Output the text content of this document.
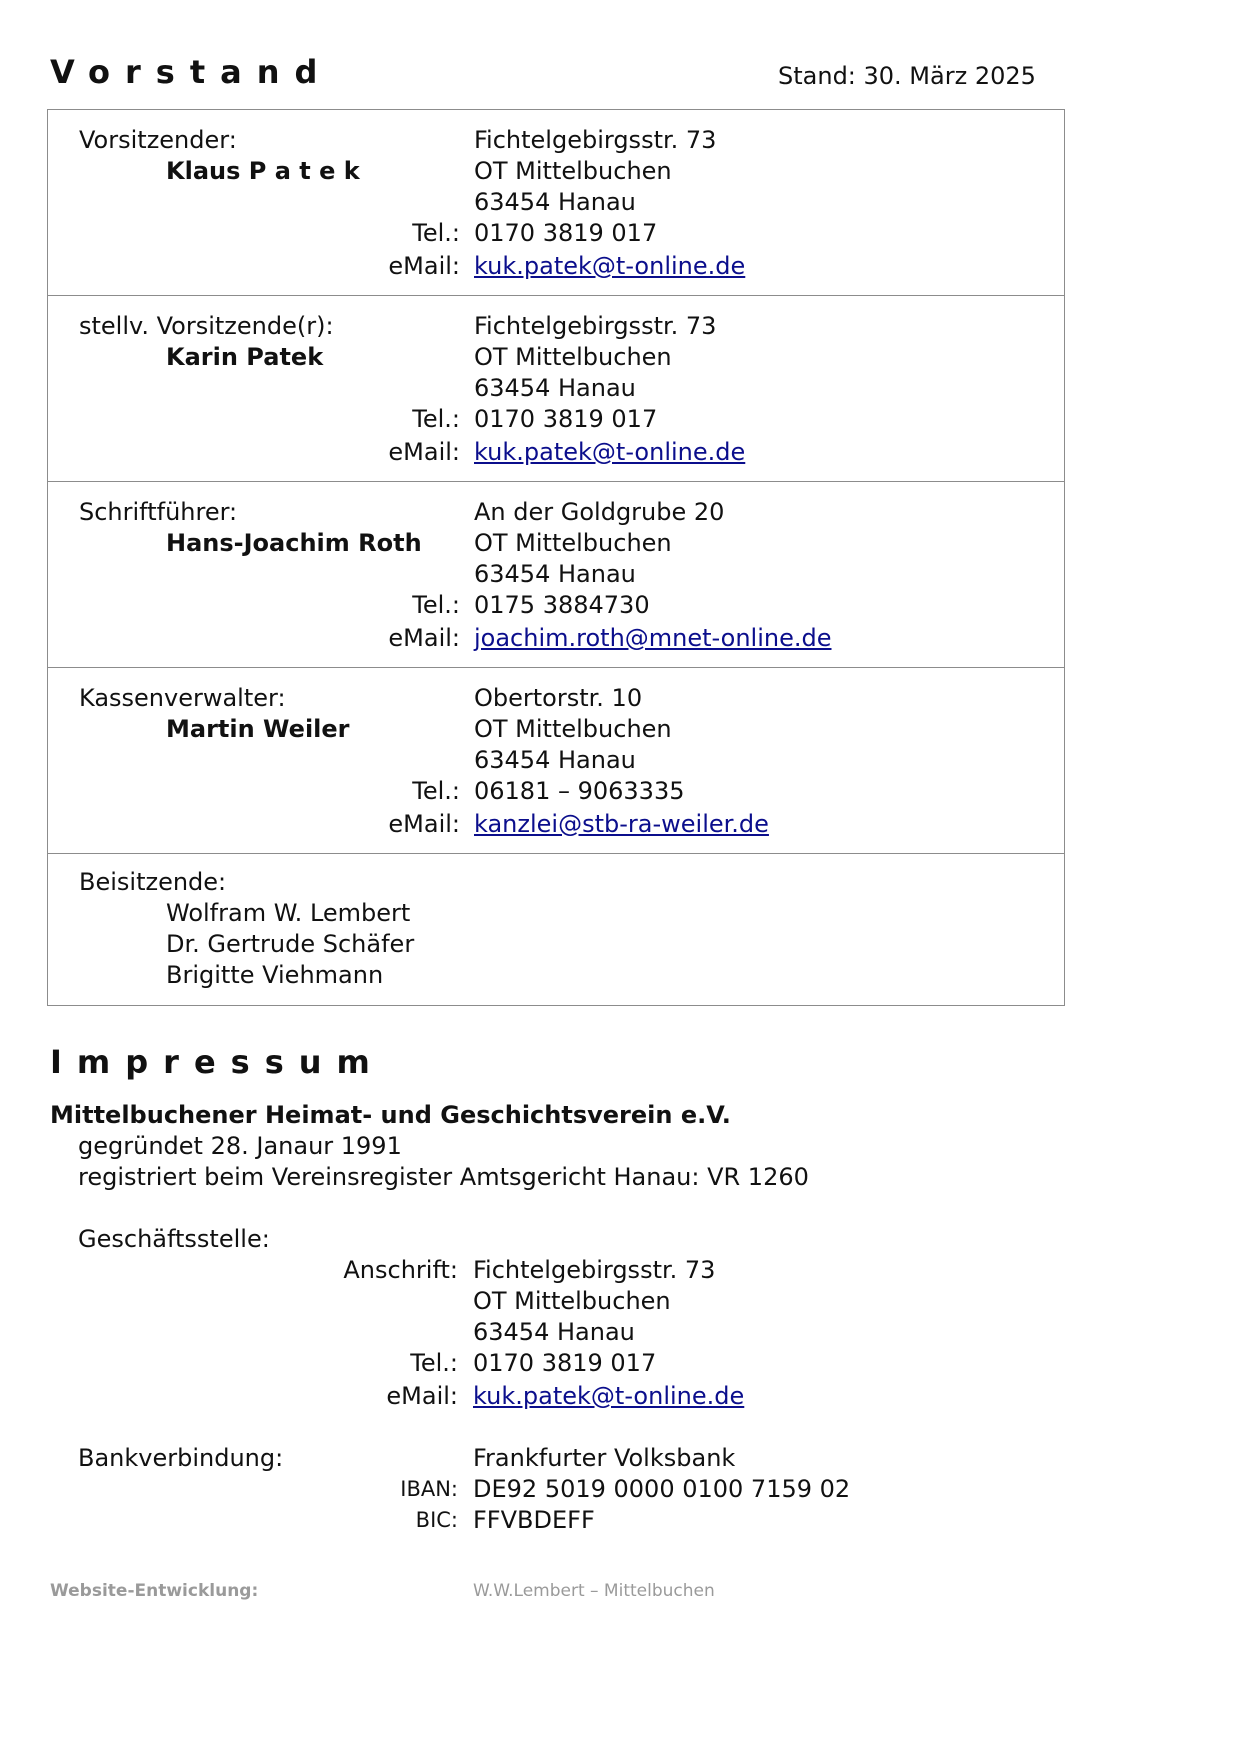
Vorstand	Stand: 30. März 2025
Vorsitzender:
Klaus P a t e k
Fichtelgebirgsstr. 73
OT Mittelbuchen
63454 Hanau
Tel.: 0170 3819 017
eMail: kuk.patek@t-online.de
stellv. Vorsitzende(r):
Karin Patek
Fichtelgebirgsstr. 73
OT Mittelbuchen
63454 Hanau
Tel.: 0170 3819 017
eMail: kuk.patek@t-online.de
Schriftführer:
Hans-Joachim Roth
An der Goldgrube 20
OT Mittelbuchen
63454 Hanau
Tel.: 0175 3884730
eMail: joachim.roth@mnet-online.de
Kassenverwalter:
Martin Weiler
Obertorstr. 10
OT Mittelbuchen
63454 Hanau
Tel.: 06181 – 9063335
eMail: kanzlei@stb-ra-weiler.de
Beisitzende:
Wolfram W. Lembert
Dr. Gertrude Schäfer
Brigitte Viehmann
Impressum
Mittelbuchener Heimat- und Geschichtsverein e.V.
gegründet 28. Janaur 1991
registriert beim Vereinsregister Amtsgericht Hanau: VR 1260
Geschäftsstelle:
Anschrift: Fichtelgebirgsstr. 73
OT Mittelbuchen
63454 Hanau
Tel.: 0170 3819 017
eMail: kuk.patek@t-online.de
Bankverbindung:	Frankfurter Volksbank
IBAN: DE92 5019 0000 0100 7159 02
BIC: FFVBDEFF
Website-Entwicklung:	W.W.Lembert – Mittelbuchen
